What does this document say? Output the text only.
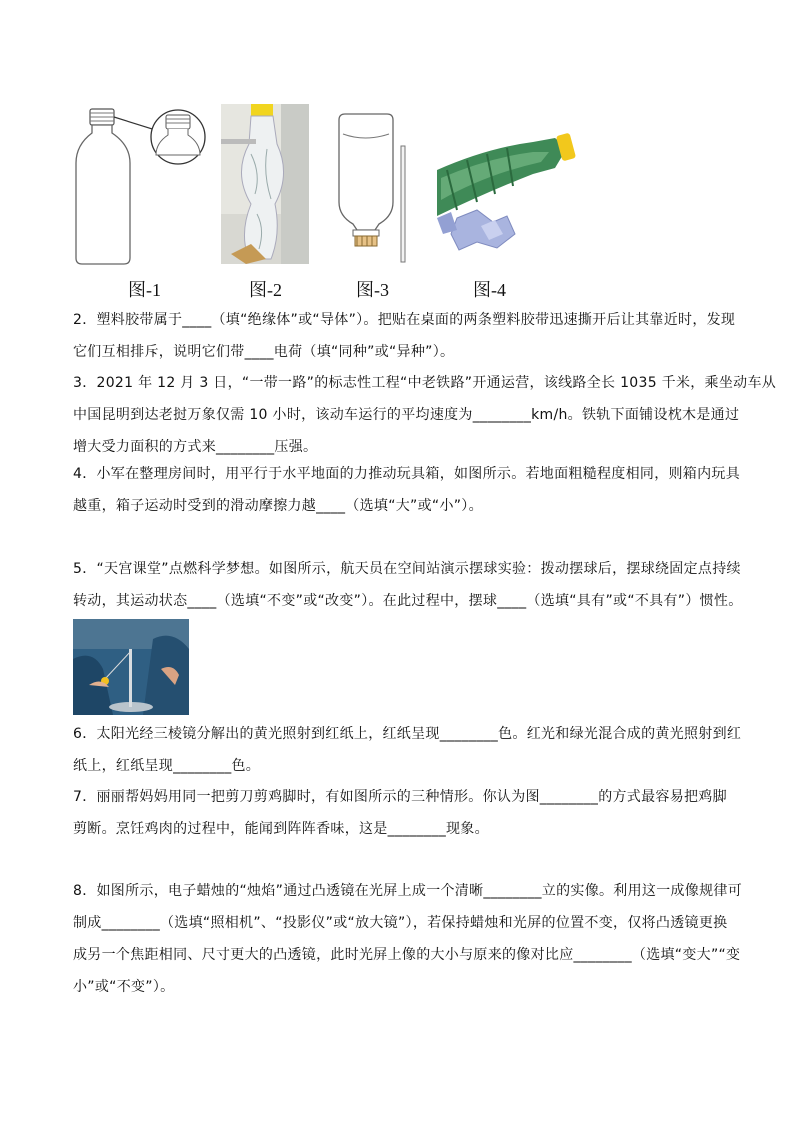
图-1	图-2	图-3	图-4
2．塑料胶带属于____（填“绝缘体”或“导体”）。把贴在桌面的两条塑料胶带迅速撕开后让其靠近时，发现
它们互相排斥，说明它们带____电荷（填“同种”或“异种”）。
3．2021 年 12 月 3 日，“一带一路”的标志性工程“中老铁路”开通运营，该线路全长 1035 千米，乘坐动车从
中国昆明到达老挝万象仅需 10 小时，该动车运行的平均速度为________km/h。铁轨下面铺设枕木是通过
增大受力面积的方式来________压强。
4．小军在整理房间时，用平行于水平地面的力推动玩具箱，如图所示。若地面粗糙程度相同，则箱内玩具
越重，箱子运动时受到的滑动摩擦力越____（选填“大”或“小”）。
5．“天宫课堂”点燃科学梦想。如图所示，航天员在空间站演示摆球实验：拨动摆球后，摆球绕固定点持续
转动，其运动状态____（选填“不变”或“改变”）。在此过程中，摆球____（选填“具有”或“不具有”）惯性。
6．太阳光经三棱镜分解出的黄光照射到红纸上，红纸呈现________色。红光和绿光混合成的黄光照射到红
纸上，红纸呈现________色。
7．丽丽帮妈妈用同一把剪刀剪鸡脚时，有如图所示的三种情形。你认为图________的方式最容易把鸡脚
剪断。烹饪鸡肉的过程中，能闻到阵阵香味，这是________现象。
8．如图所示，电子蜡烛的“烛焰”通过凸透镜在光屏上成一个清晰________立的实像。利用这一成像规律可
制成________（选填“照相机”、“投影仪”或“放大镜”），若保持蜡烛和光屏的位置不变，仅将凸透镜更换
成另一个焦距相同、尺寸更大的凸透镜，此时光屏上像的大小与原来的像对比应________（选填“变大”“变
小”或“不变”）。
